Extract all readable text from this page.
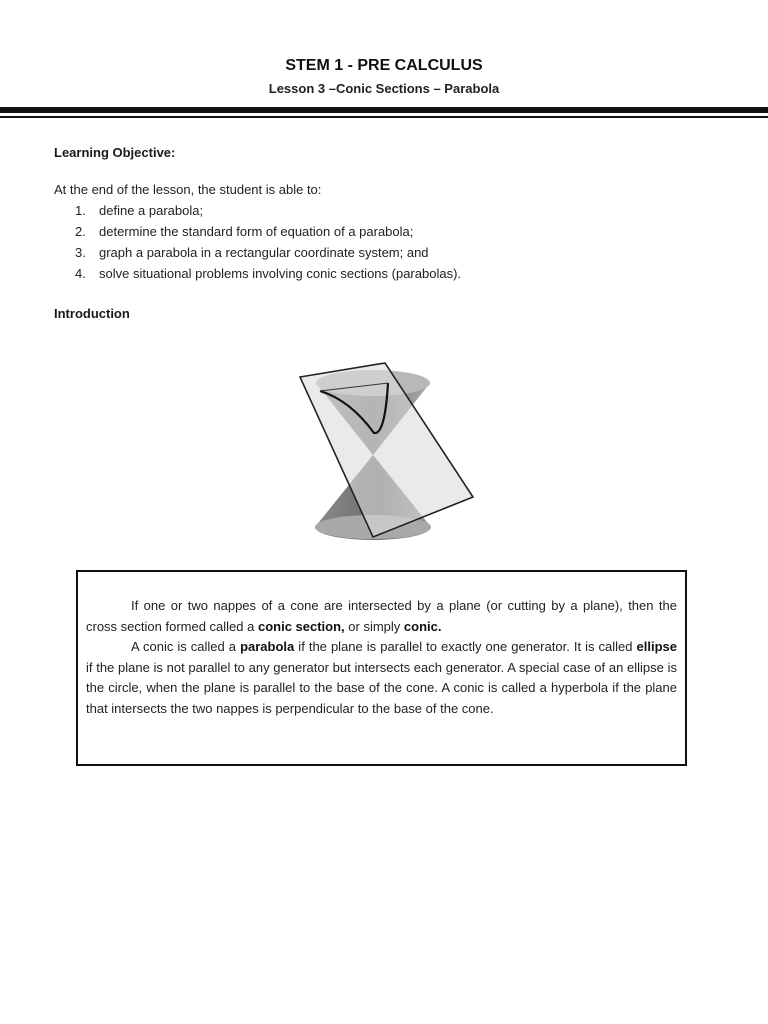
STEM 1 - PRE CALCULUS
Lesson 3 –Conic Sections – Parabola
Learning Objective:

At the end of the lesson, the student is able to:

1. define a parabola;
2. determine the standard form of equation of a parabola;
3. graph a parabola in a rectangular coordinate system; and
4. solve situational problems involving conic sections (parabolas).
Introduction

If one or two nappes of a cone are intersected by a plane (or cutting by a plane), then the cross section formed called a conic section, or simply conic.

A conic is called a parabola if the plane is parallel to exactly one generator. It is called ellipse if the plane is not parallel to any generator but intersects each generator. A special case of an ellipse is the circle, when the plane is parallel to the base of the cone. A conic is called a hyperbola if the plane that intersects the two nappes is perpendicular to the base of the cone.
